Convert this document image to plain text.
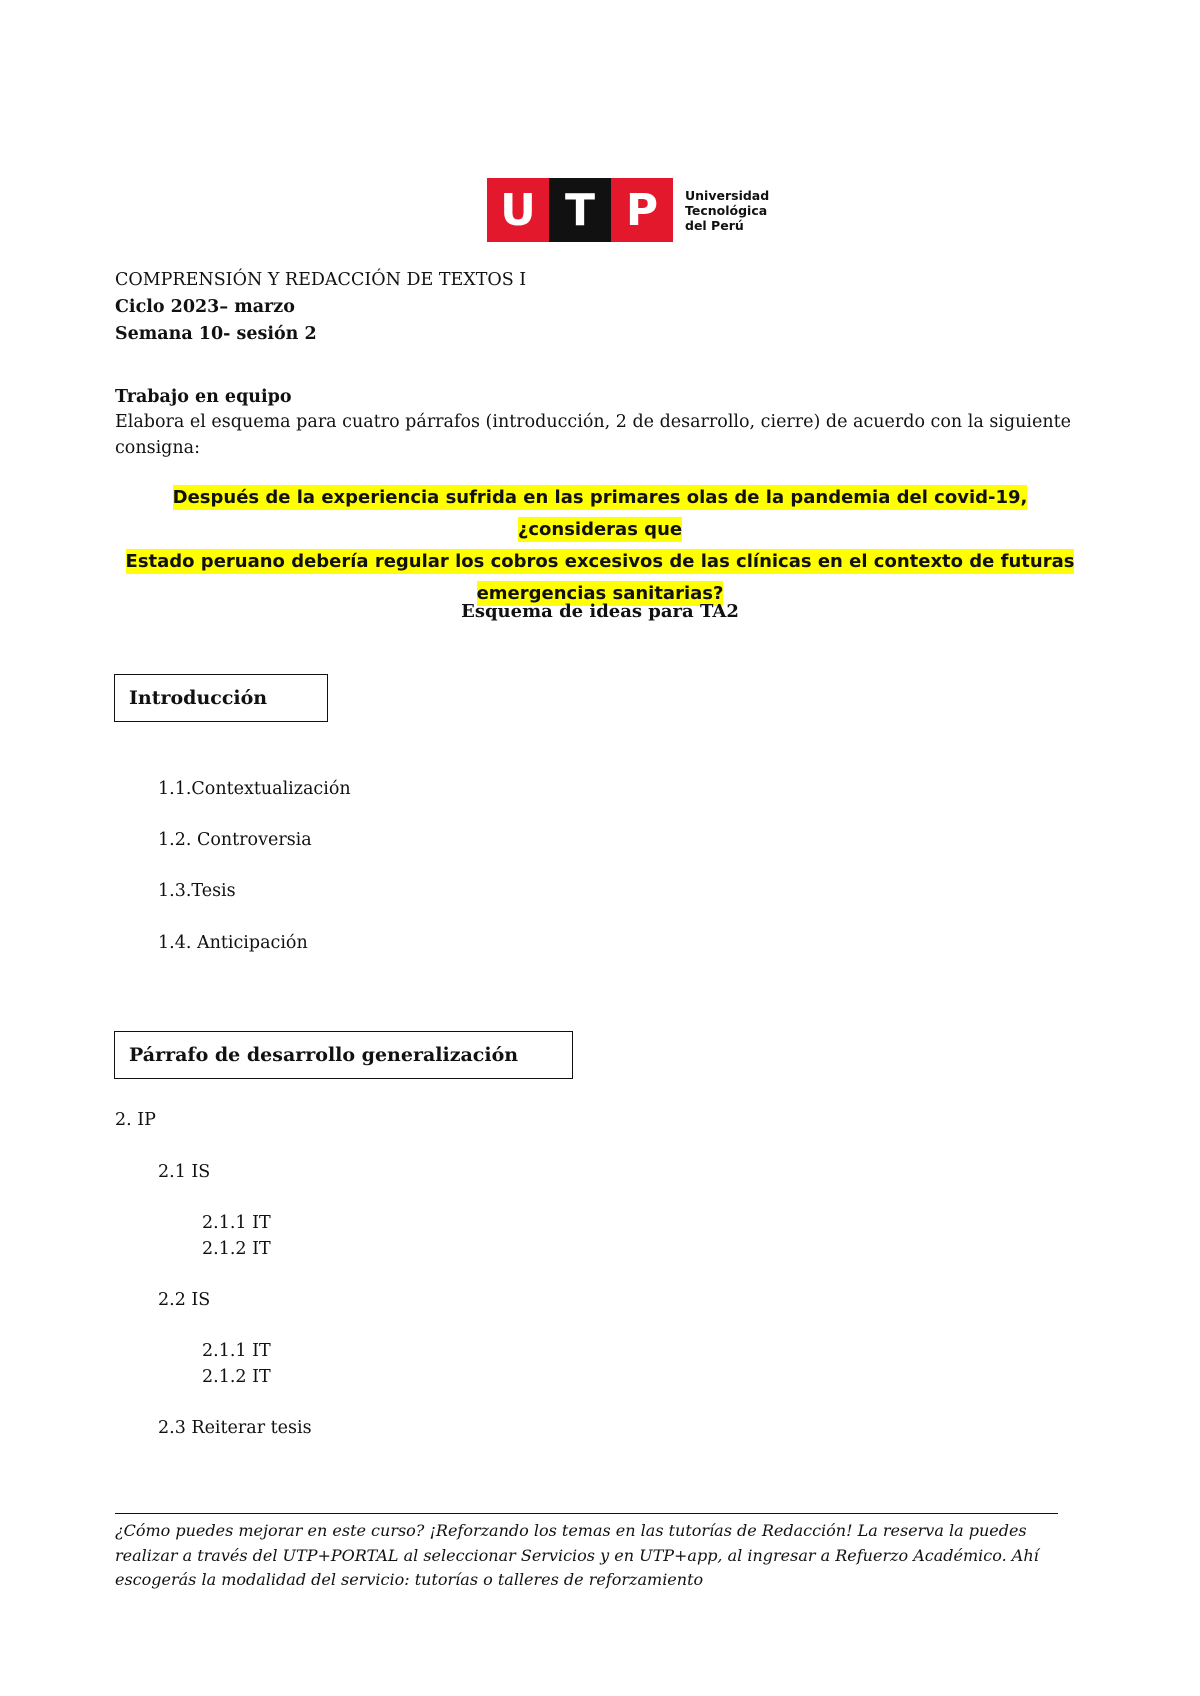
U T P	Universidad
Tecnológica
del Perú
COMPRENSIÓN Y REDACCIÓN DE TEXTOS I
Ciclo 2023– marzo
Semana 10- sesión 2
Trabajo en equipo
Elabora el esquema para cuatro párrafos (introducción, 2 de desarrollo, cierre) de acuerdo con la siguiente
consigna:
Después de la experiencia sufrida en las primares olas de la pandemia del covid-19, ¿consideras que
Estado peruano debería regular los cobros excesivos de las clínicas en el contexto de futuras
emergencias sanitarias?
Esquema de ideas para TA2
Introducción
1.1.Contextualización
1.2. Controversia
1.3.Tesis
1.4. Anticipación
Párrafo de desarrollo generalización
2. IP
2.1 IS
2.1.1 IT
2.1.2 IT
2.2 IS
2.1.1 IT
2.1.2 IT
2.3 Reiterar tesis
¿Cómo puedes mejorar en este curso? ¡Reforzando los temas en las tutorías de Redacción! La reserva la puedes
realizar a través del UTP+PORTAL al seleccionar Servicios y en UTP+app, al ingresar a Refuerzo Académico. Ahí
escogerás la modalidad del servicio: tutorías o talleres de reforzamiento
